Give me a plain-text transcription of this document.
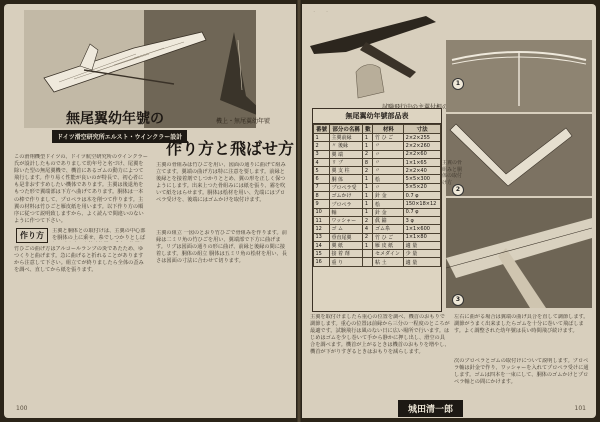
機上・無尾翼幼年號
無尾翼幼年號の
ドイツ滑空研究所エルスト・ウインクラー設計
作り方と飛ばせ方
この滑翔機型ドイツの、ドイツ航空研究所のウインクラー氏が設計したものでありまして幼年号と名づけ、尾翼を除いた型の無尾翼機で、機首にあるゴムの動力によつて飛行します。作り易く性能が良いのが特長で、初心者にも是非おすすめしたい機体であります。主翼は後退角をもつた形で翼端部は下方へ曲げてあります。胴体は一本の棒で作りまして、プロペラは木を削つて作ります。主翼の材料は竹ひごと雁皮紙を用います。以下作り方の順序に従つて説明致しますから、よく読んで間違いのないように作つて下さい。
主翼の骨組みは竹ひごを用い、図面の通りに曲げて組み立てます。翼端の曲げ方は特に注意を要します。前縁と後縁とを接着剤でしつかりととめ、翼の形を正しく保つようにします。出来上つた骨組みには紙を張り、霧を吹いて紙をはらせます。胴体は桧材を用い、先端にはプロペラ受けを、後端にはゴムかけを取付けます。
作り方	主翼と胴体との取付けは、主翼の中心部を胴体の上に乗せ、糸でしつかりとしば
竹ひごの曲げ方はアルコールランプの炎であたため、ゆつくりと曲げます。急に曲げると折れることがありますから注意して下さい。組立てが終りましたら全体の歪みを調べ、直してから紙を張ります。
主翼の組立 一図のとおり竹ひごで骨組みを作ります。前縁は二ミリ角の竹ひごを用い、翼端部で下方に曲げます。リブは図面の通りの形に曲げ、前縁と後縁の間に接着します。胴体の組立 胴体は五ミリ角の桧材を用い、長さは図面の寸法に合わせて切ります。
100
無尾翼幼年號部品表
番號	部分の名稱	數	材料	寸法
1	主翼前縁	1	竹 ひ ご	2×2×255
2	〃 後縁	1	〃	2×2×260
3	翼 端	2	〃	2×2×60
4	リ ブ	8	〃	1×1×65
5	翼 支 柱	2	〃	2×2×40
6	胴 体	1	桧	5×5×300
7	プロペラ受	1	〃	5×5×20
8	ゴムかけ	1	針 金	0.7 φ
9	プロペラ	1	桧	150×18×12
10	軸	1	針 金	0.7 φ
11	ワッシャー	2	眞 鍮	3 φ
12	ゴ ム	4	ゴム糸	1×1×600
13	垂直尾翼	2	竹 ひ ご	1×1×80
14	翼 紙	1	雁 皮 紙	適 量
15	接 着 剤		セメダイン	少 量
16	重 り		粘 土	適 量
1
2
3
主翼の骨組みと胴体の取付け方
主翼を取付けましたら重心の位置を調べ、機首のおもりで調節します。重心の位置は前縁から三分の一程度のところが最適です。試験飛行は風のない日に広い場所で行います。はじめはゴムを少し巻いて手から静かに押し出し、滑空の具合を調べます。機首が上がるときは機首のおもりを増やし、機首が下がりすぎるときはおもりを減らします。
左右に曲がる場合は翼端の曲げ具合を直して調節します。調節がうまく出来ましたらゴムを十分に巻いて飛ばします。よく調整された幼年號は長い時間飛び続けます。
次のプロペラとゴムの取付けについて説明します。プロペラ軸は針金で作り、ワッシャーを入れてプロペラ受けに通します。ゴムは四本を一束にして、胴体のゴムかけとプロペラ軸との間にかけます。
城田清一郎	101
